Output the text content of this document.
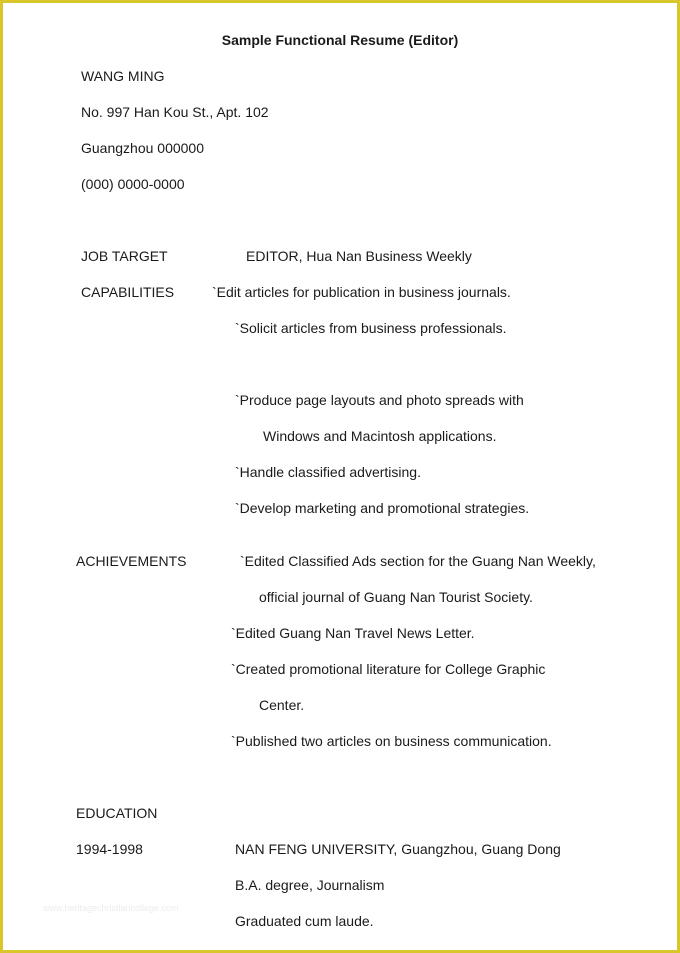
Sample Functional Resume (Editor)
WANG MING
No. 997 Han Kou St., Apt. 102
Guangzhou 000000
(000) 0000-0000
JOB TARGET	EDITOR, Hua Nan Business Weekly
CAPABILITIES	`Edit articles for publication in business journals.
`Solicit articles from business professionals.
`Produce page layouts and photo spreads with
Windows and Macintosh applications.
`Handle classified advertising.
`Develop marketing and promotional strategies.
ACHIEVEMENTS	`Edited Classified Ads section for the Guang Nan Weekly,
official journal of Guang Nan Tourist Society.
`Edited Guang Nan Travel News Letter.
`Created promotional literature for College Graphic
Center.
`Published two articles on business communication.
EDUCATION
1994-1998	NAN FENG UNIVERSITY, Guangzhou, Guang Dong
B.A. degree, Journalism
Graduated cum laude.
www.heritagechristiancollege.com
